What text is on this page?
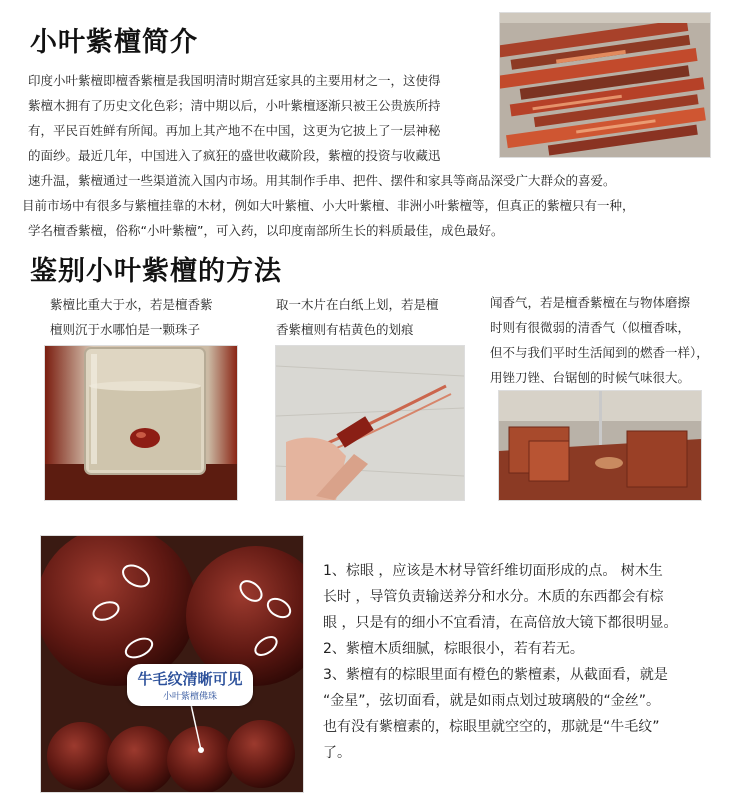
小叶紫檀简介

印度小叶紫檀即檀香紫檀是我国明清时期宫廷家具的主要用材之一，这使得

紫檀木拥有了历史文化色彩；清中期以后，小叶紫檀逐渐只被王公贵族所持

有，平民百姓鲜有所闻。再加上其产地不在中国，这更为它披上了一层神秘

的面纱。最近几年，中国进入了疯狂的盛世收藏阶段，紫檀的投资与收藏迅

速升温，紫檀通过一些渠道流入国内市场。用其制作手串、把件、摆件和家具等商品深受广大群众的喜爱。

目前市场中有很多与紫檀挂靠的木材，例如大叶紫檀、小大叶紫檀、非洲小叶紫檀等，但真正的紫檀只有一种，

学名檀香紫檀，俗称“小叶紫檀”，可入药，以印度南部所生长的料质最佳，成色最好。

鉴别小叶紫檀的方法

紫檀比重大于水，若是檀香紫

檀则沉于水哪怕是一颗珠子

取一木片在白纸上划，若是檀

香紫檀则有桔黄色的划痕

闻香气，若是檀香紫檀在与物体磨擦

时则有很微弱的清香气（似檀香味，

但不与我们平时生活闻到的燃香一样），

用锉刀锉、台锯刨的时候气味很大。

牛毛纹清晰可见
小叶紫檀佛珠

1、棕眼 ，应该是木材导管纤维切面形成的点。 树木生

长时 ，导管负责输送养分和水分。木质的东西都会有棕

眼 ，只是有的细小不宜看清，在高倍放大镜下都很明显。

2、紫檀木质细腻，棕眼很小，若有若无。

3、紫檀有的棕眼里面有橙色的紫檀素，从截面看，就是

“金星”，弦切面看，就是如雨点划过玻璃般的“金丝”。

也有没有紫檀素的，棕眼里就空空的，那就是“牛毛纹”

了。
